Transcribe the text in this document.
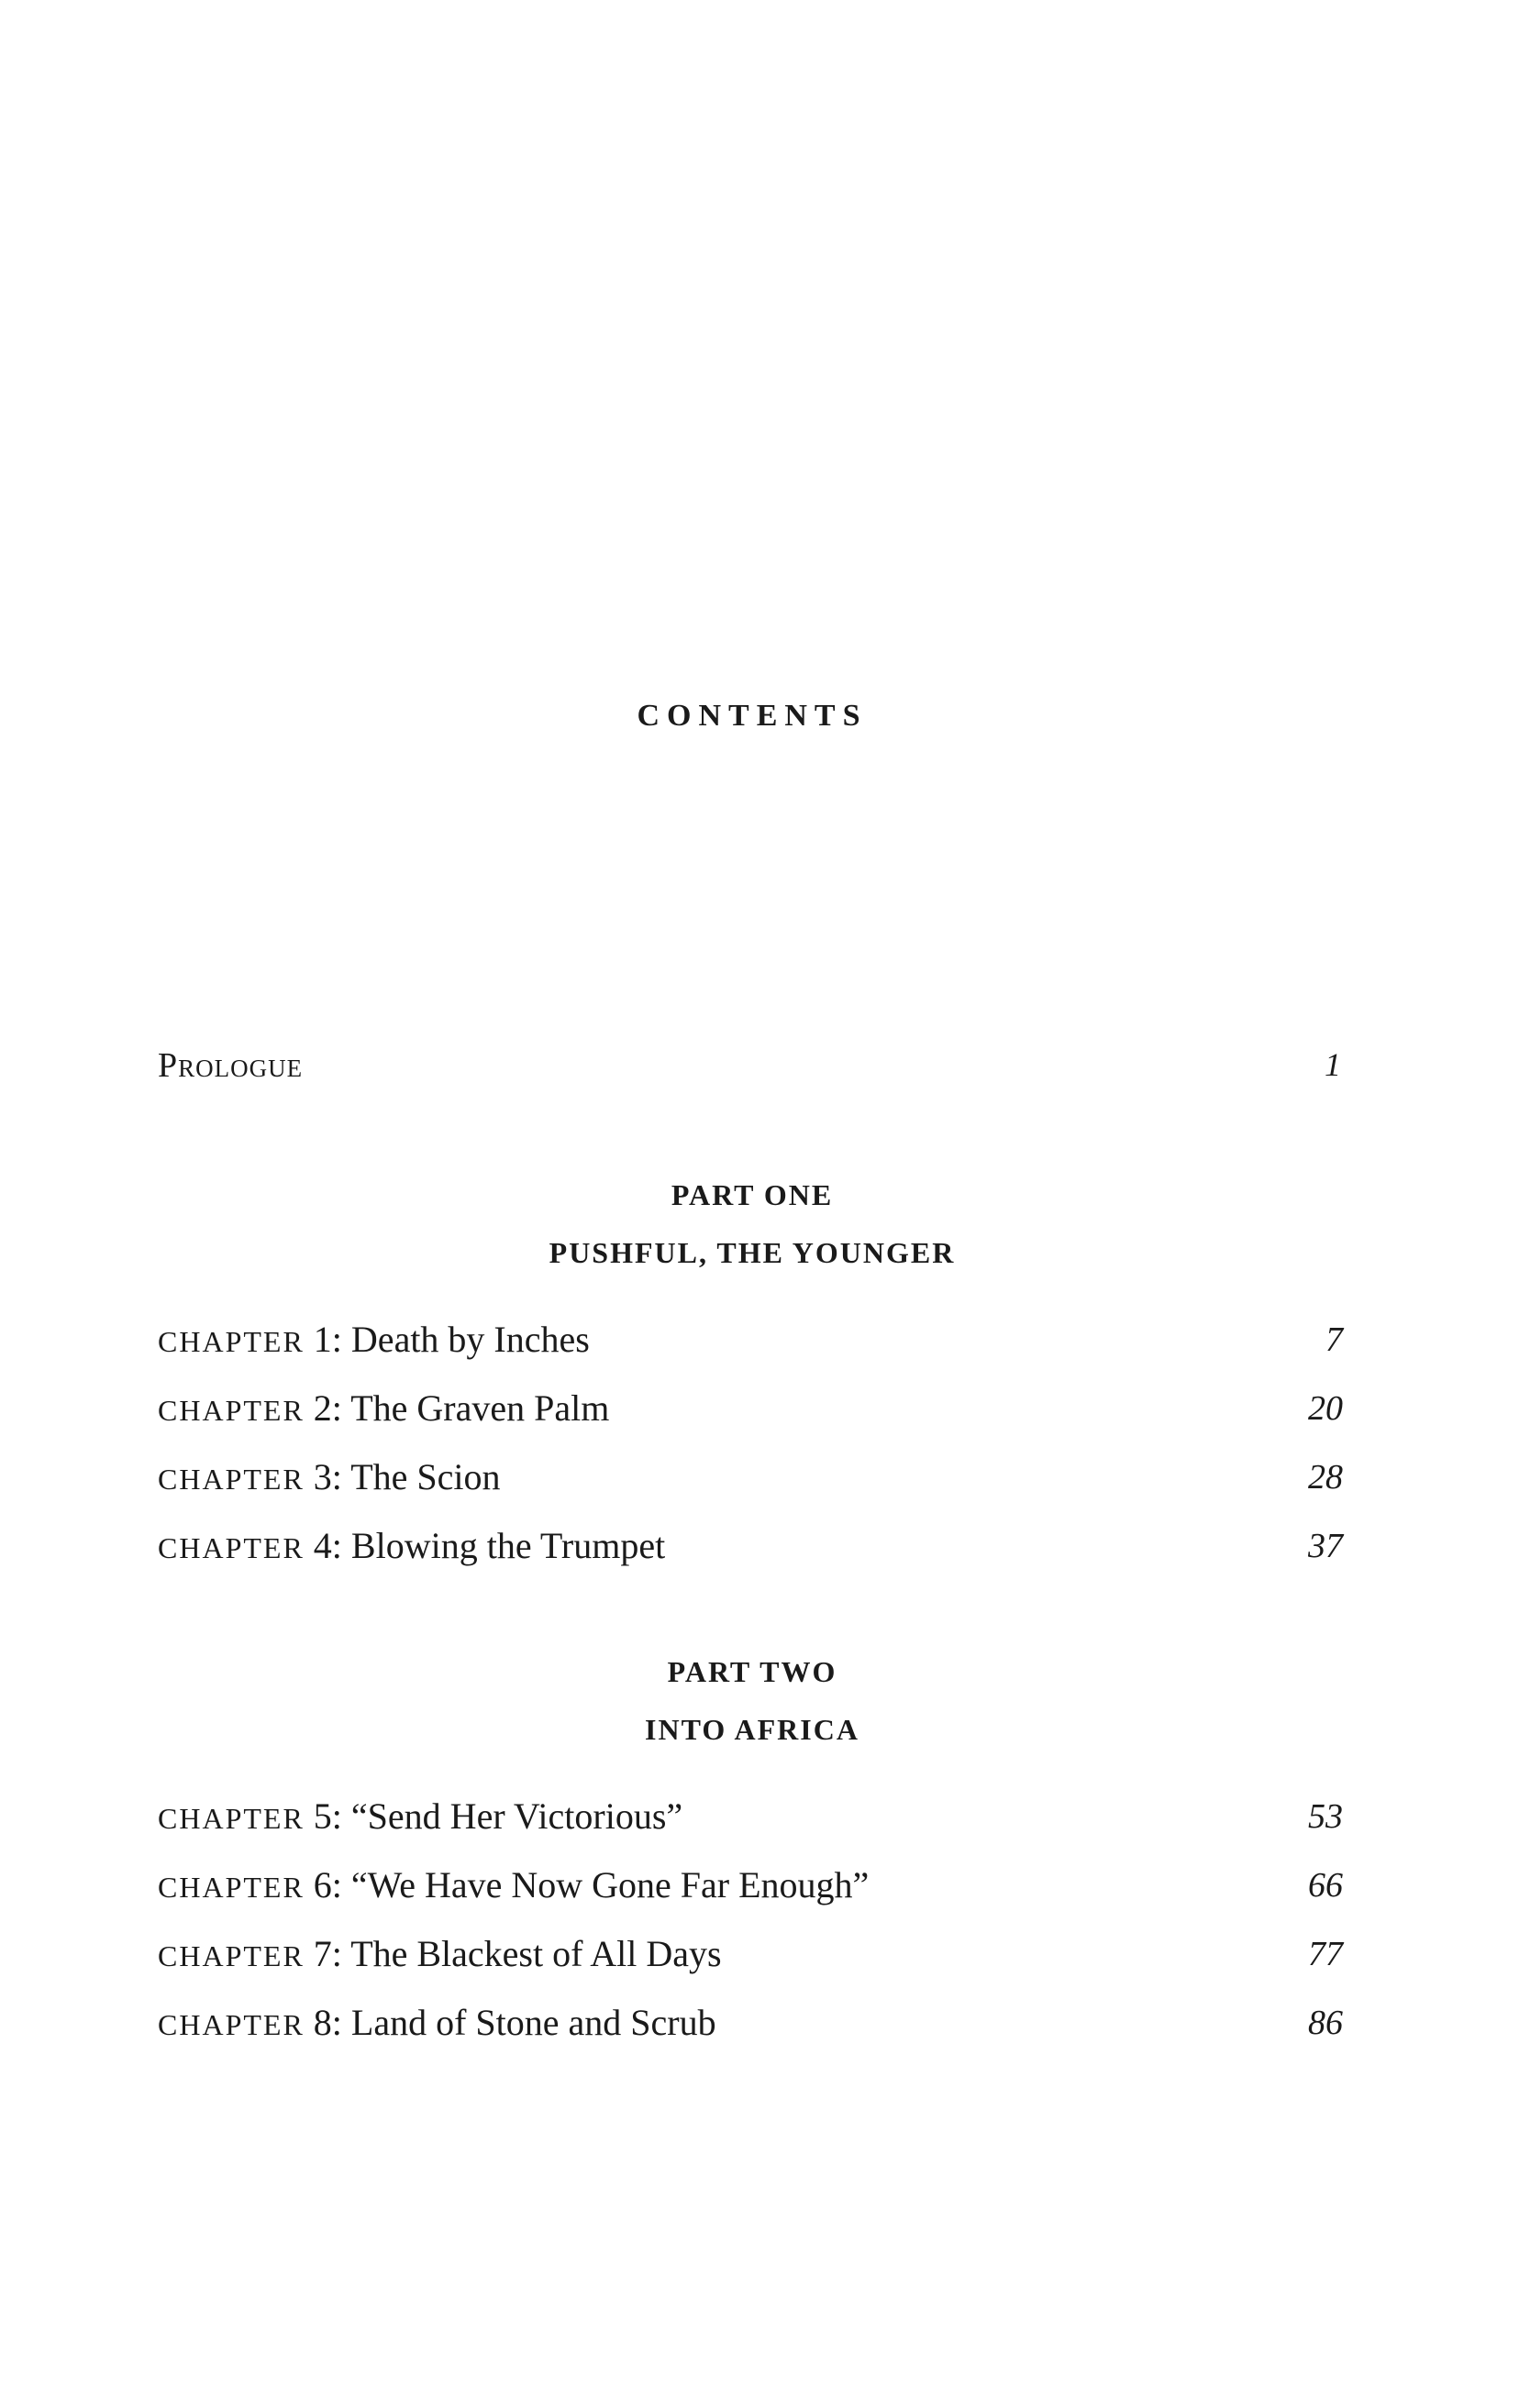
CONTENTS
Prologue	1
PART ONE
PUSHFUL, THE YOUNGER
CHAPTER 1: Death by Inches	7
CHAPTER 2: The Graven Palm	20
CHAPTER 3: The Scion	28
CHAPTER 4: Blowing the Trumpet	37
PART TWO
INTO AFRICA
CHAPTER 5: “Send Her Victorious”	53
CHAPTER 6: “We Have Now Gone Far Enough”	66
CHAPTER 7: The Blackest of All Days	77
CHAPTER 8: Land of Stone and Scrub	86
